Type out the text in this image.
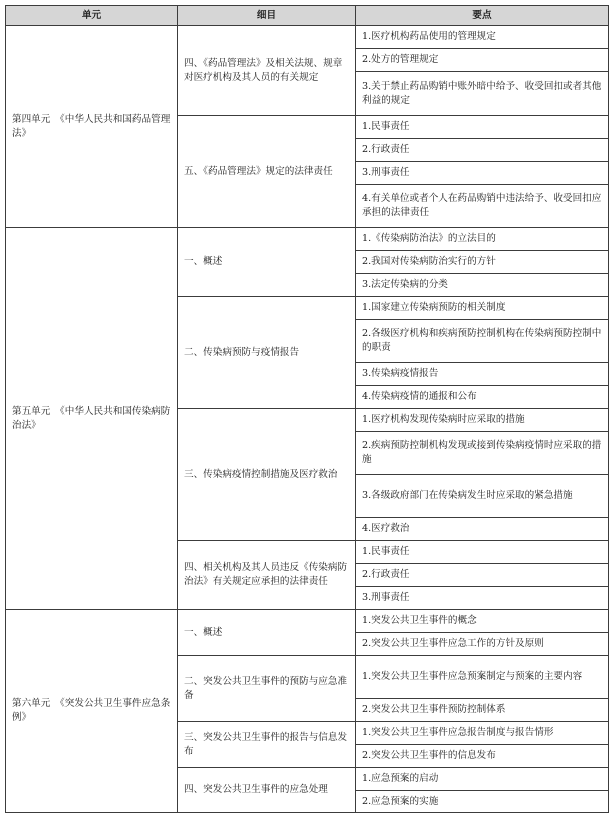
单元	细目	要点
第四单元　《中华人民共和国药品管理法》	四、《药品管理法》及相关法规、规章对医疗机构及其人员的有关规定	1.医疗机构药品使用的管理规定
		2.处方的管理规定
		3.关于禁止药品购销中账外暗中给予、收受回扣或者其他利益的规定
	五、《药品管理法》规定的法律责任	1.民事责任
		2.行政责任
		3.刑事责任
		4.有关单位或者个人在药品购销中违法给予、收受回扣应承担的法律责任
第五单元　《中华人民共和国传染病防治法》	一、概述	1.《传染病防治法》的立法目的
		2.我国对传染病防治实行的方针
		3.法定传染病的分类
	二、传染病预防与疫情报告	1.国家建立传染病预防的相关制度
		2.各级医疗机构和疾病预防控制机构在传染病预防控制中的职责
		3.传染病疫情报告
		4.传染病疫情的通报和公布
	三、传染病疫情控制措施及医疗救治	1.医疗机构发现传染病时应采取的措施
		2.疾病预防控制机构发现或接到传染病疫情时应采取的措施
		3.各级政府部门在传染病发生时应采取的紧急措施
		4.医疗救治
	四、相关机构及其人员违反《传染病防治法》有关规定应承担的法律责任	1.民事责任
		2.行政责任
		3.刑事责任
第六单元　《突发公共卫生事件应急条例》	一、概述	1.突发公共卫生事件的概念
		2.突发公共卫生事件应急工作的方针及原则
	二、突发公共卫生事件的预防与应急准备	1.突发公共卫生事件应急预案制定与预案的主要内容
		2.突发公共卫生事件预防控制体系
	三、突发公共卫生事件的报告与信息发布	1.突发公共卫生事件应急报告制度与报告情形
		2.突发公共卫生事件的信息发布
	四、突发公共卫生事件的应急处理	1.应急预案的启动
		2.应急预案的实施
